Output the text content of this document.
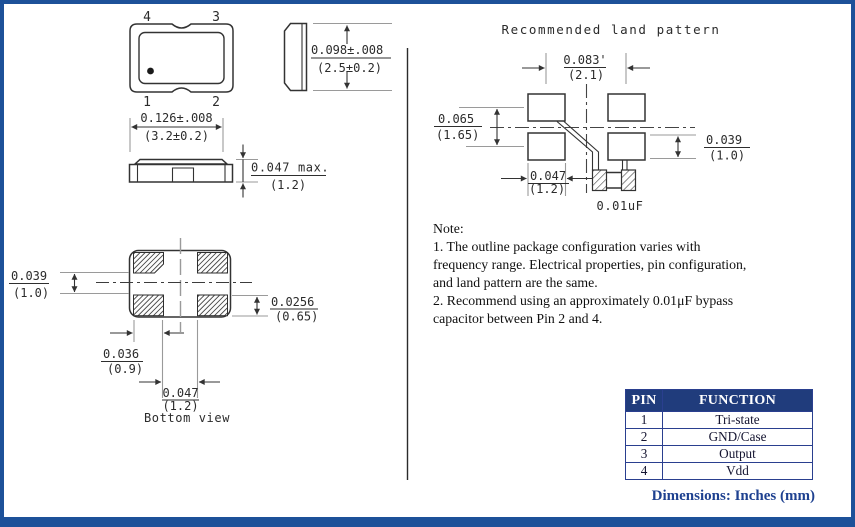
4	3
1	2
0.098±.008
(2.5±0.2)
0.126±.008
(3.2±0.2)
0.047 max.
(1.2)
0.039
(1.0)
0.0256
(0.65)
0.036
(0.9)
0.047
(1.2)
Bottom view
Recommended land pattern
0.083'
(2.1)
0.065
(1.65)	0.039
(1.0)
0.047
(1.2)
0.01uF
Note:
1. The outline package configuration varies with
frequency range. Electrical properties, pin configuration,
and land pattern are the same.
2. Recommend using an approximately 0.01μF bypass
capacitor between Pin 2 and 4.
PIN	FUNCTION
1	Tri-state
2	GND/Case
3	Output
4	Vdd
Dimensions: Inches (mm)
